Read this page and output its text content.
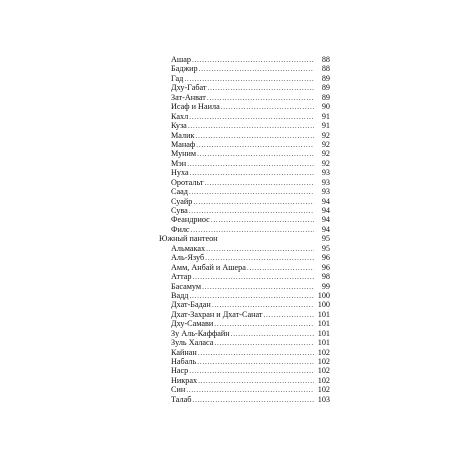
Ашар . . .	88
Баджир . . .	88
Гад . . .	89
Дху-Габат . . .	89
Зат-Анват . . .	89
Исаф и Наила . . .	90
Кахл . . .	91
Куза . . .	91
Малик . . .	92
Манаф . . .	92
Муним . . .	92
Мэн . . .	92
Нуха . . .	93
Оротальт . . .	93
Саад . . .	93
Суайр . . .	94
Сува . . .	94
Феандриос . . .	94
Филс . . .	94
Южный пантеон	95
Альмаках . . .	95
Аль-Язуб . . .	96
Амм, Анбай и Ашера . . .	96
Аттар . . .	98
Басамум . . .	99
Вадд . . .	100
Дхат-Бадан . . .	100
Дхат-Захран и Дхат-Санат . . .	101
Дху-Самави . . .	101
Зу Аль-Каффайн . . .	101
Зуль Халаса . . .	101
Кайнан . . .	102
Набаль . . .	102
Наср . . .	102
Никрах . . .	102
Син . . .	102
Талаб . . .	103
